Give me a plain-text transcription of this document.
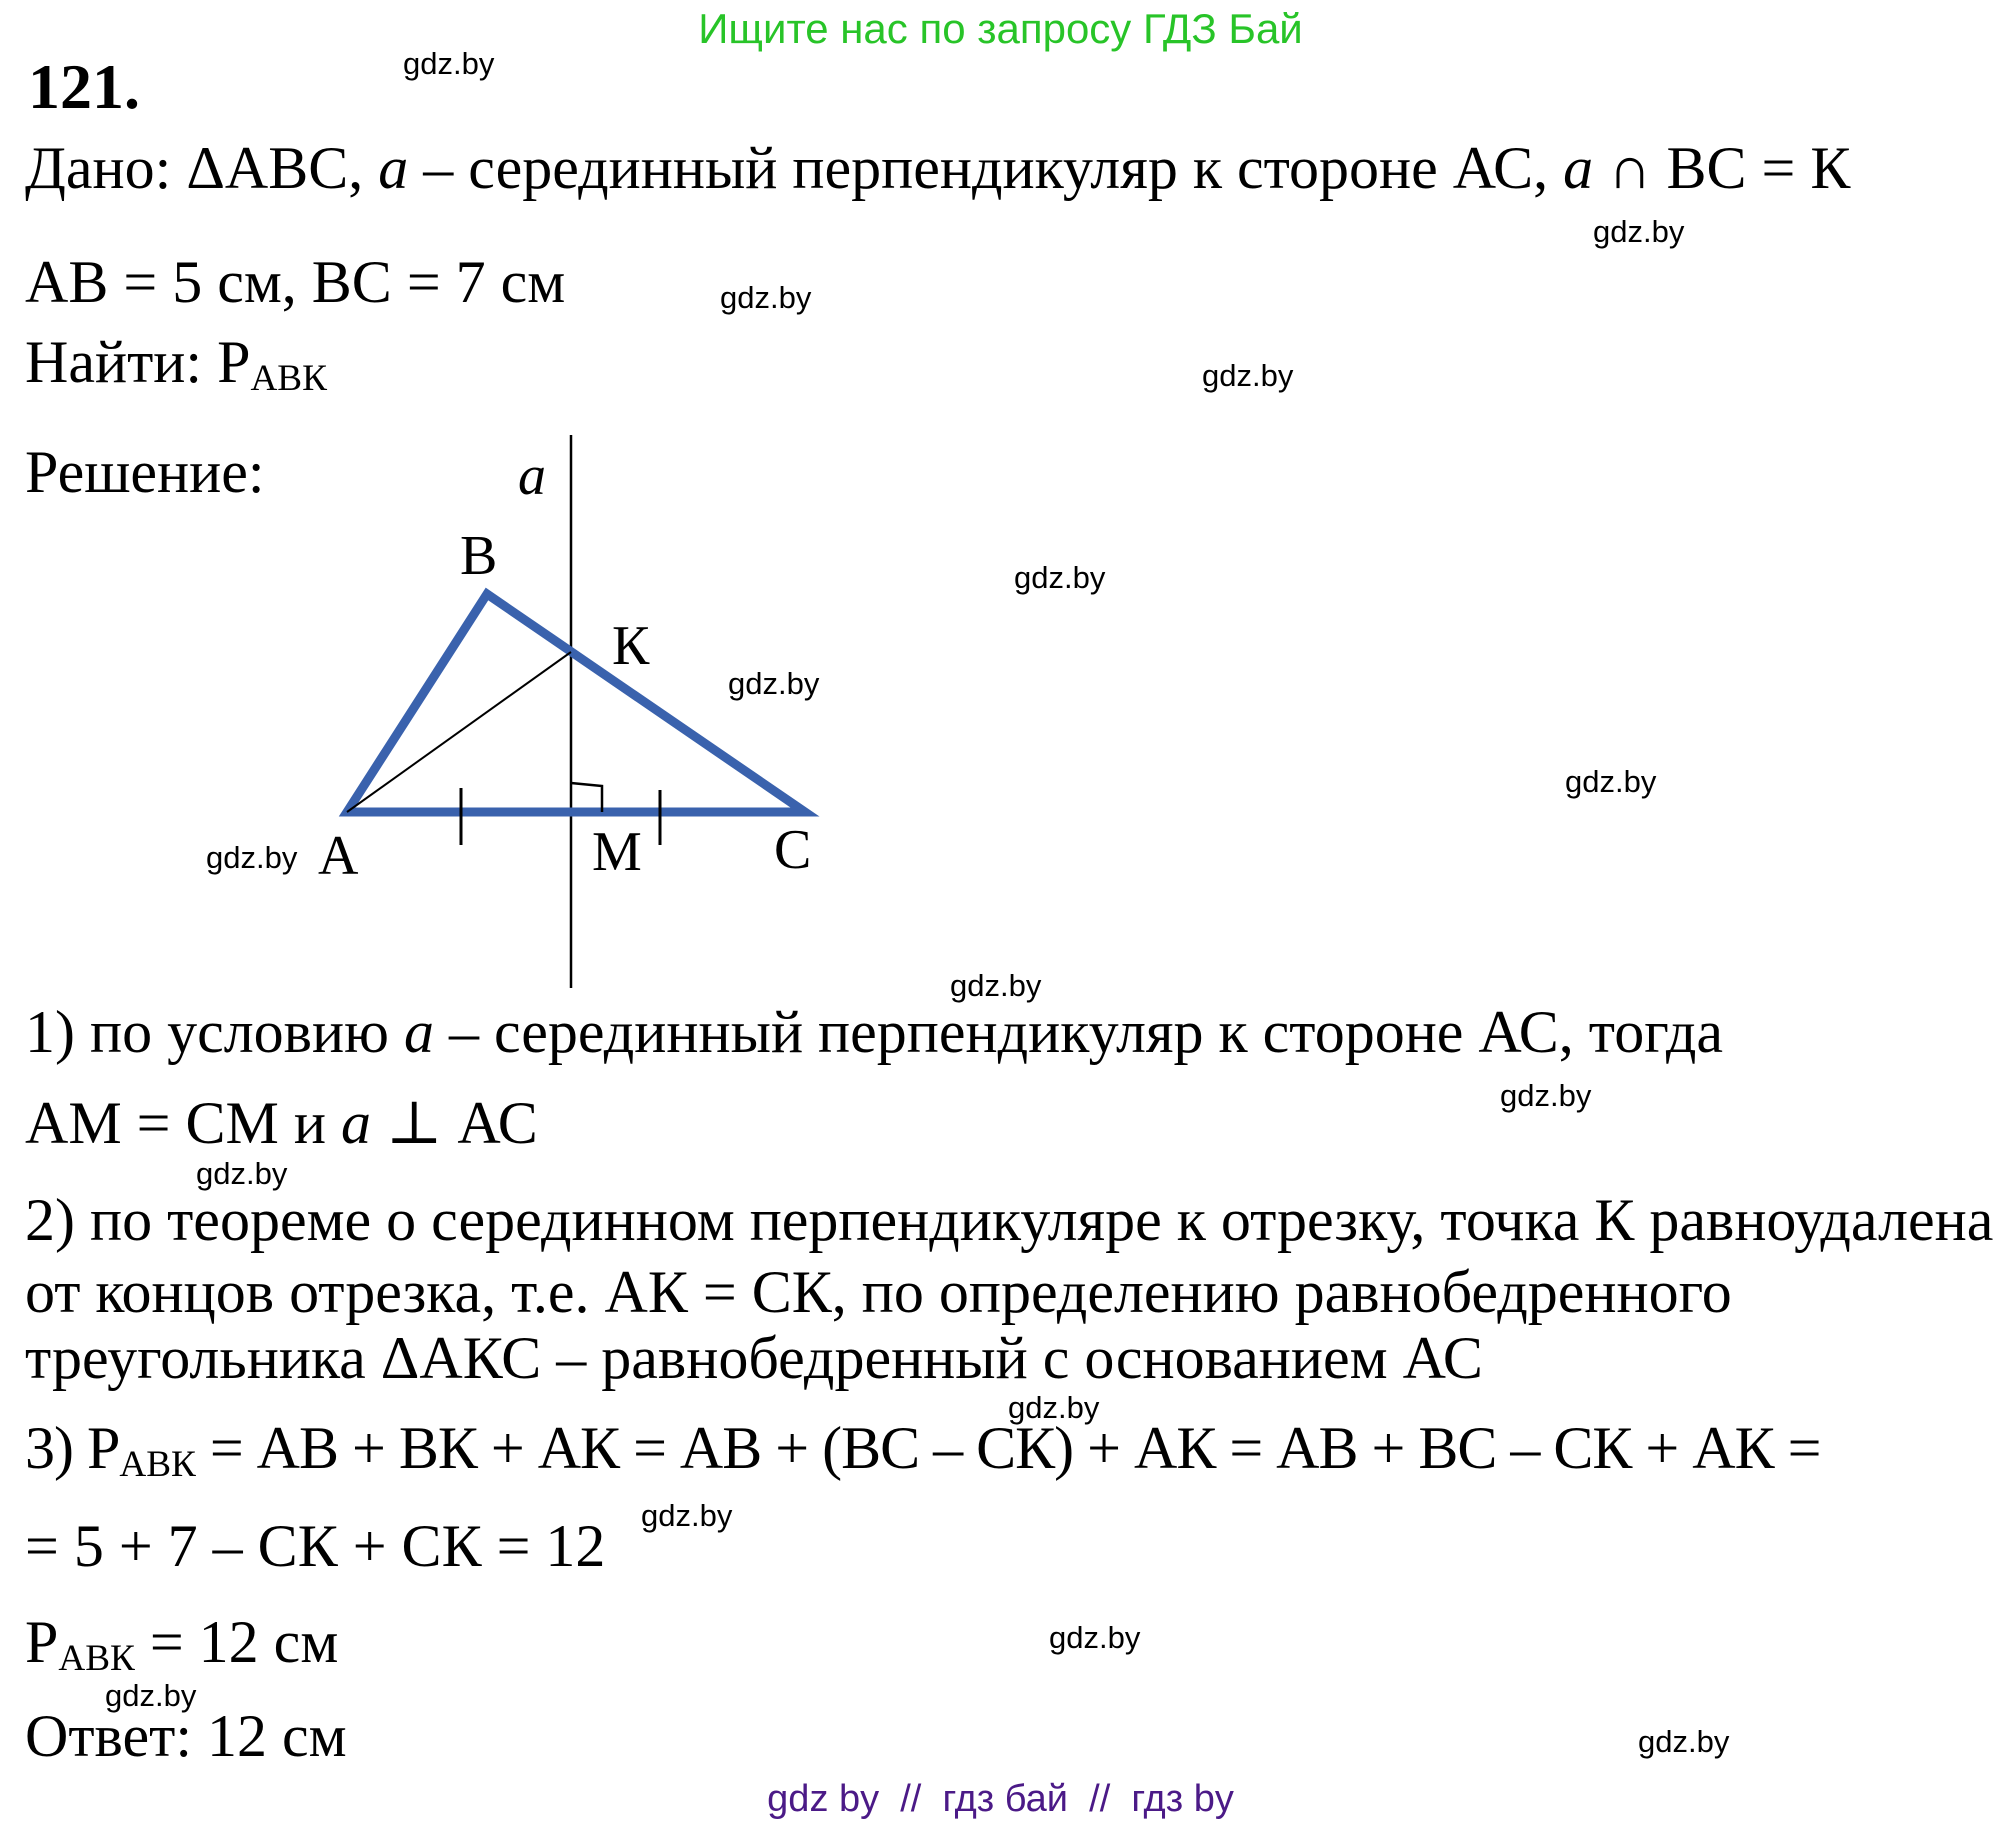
Ищите нас по запросу ГДЗ Бай
121.
Дано: ΔАВС, a – серединный перпендикуляр к стороне АС, a ∩ ВС = К
АВ = 5 см, ВС = 7 см
Найти: $Р_{АВК}$
Решение:	a
В
К
А	М С
1) по условию a – серединный перпендикуляр к стороне АС, тогда
АМ = СМ и a ⊥ АС
2) по теореме о серединном перпендикуляре к отрезку, точка К равноудалена
от концов отрезка, т.е. АК = СК, по определению равнобедренного
треугольника ΔАКС – равнобедренный с основанием АС
3) $Р_{АВК}$ = АВ + ВК + АК = АВ + (ВС – СК) + АК = АВ + ВС – СК + АК =
= 5 + 7 – СК + СК = 12
$Р_{АВК} = 12$ см
Ответ: 12 см
gdz.by
gdz.by
gdz.by
gdz.by
gdz.by
gdz.by
gdz.by
gdz.by
gdz.by
gdz.by
gdz.by
gdz.by
gdz.by
gdz.by
gdz.by
gdz.by
gdz by  //  гдз бай  //  гдз by
